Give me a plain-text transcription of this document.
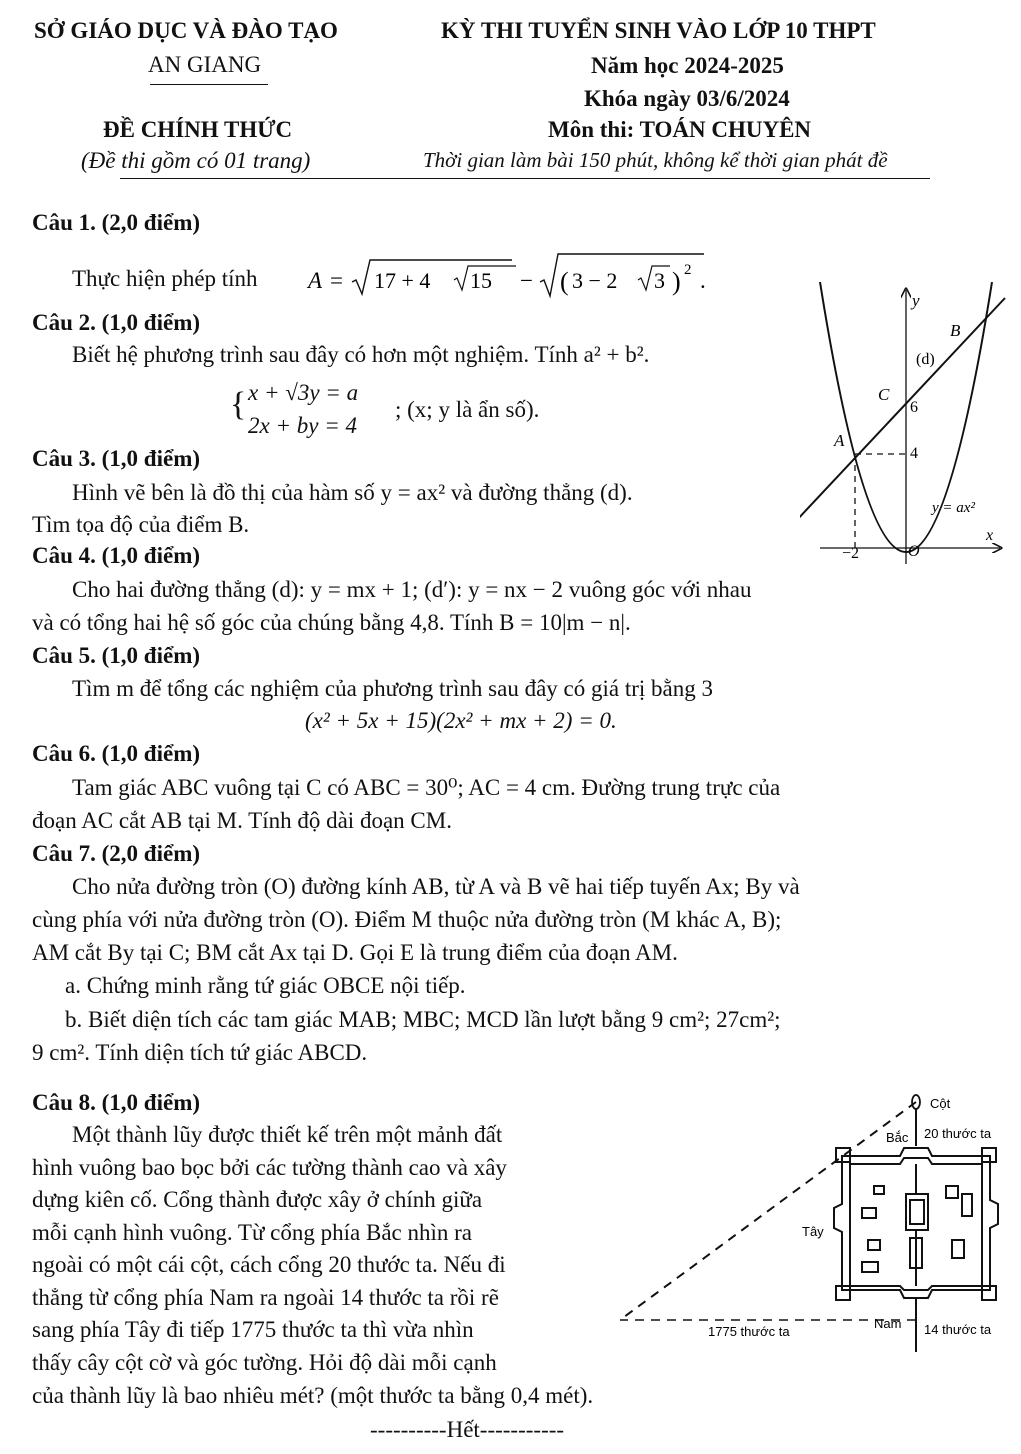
SỞ GIÁO DỤC VÀ ĐÀO TẠO
AN GIANG
ĐỀ CHÍNH THỨC
(Đề thi gồm có 01 trang)
KỲ THI TUYỂN SINH VÀO LỚP 10 THPT
Năm học 2024-2025
Khóa ngày 03/6/2024
Môn thi: TOÁN CHUYÊN
Thời gian làm bài 150 phút, không kể thời gian phát đề
Câu 1. (2,0 điểm)
Thực hiện phép tính A = 17 + 4 15 − ( 3 − 2 3 ) 2 .
Câu 2. (1,0 điểm)
Biết hệ phương trình sau đây có hơn một nghiệm. Tính a² + b².
{ x + √3y = a
2x + by = 4
; (x; y là ẩn số).
Câu 3. (1,0 điểm)
Hình vẽ bên là đồ thị của hàm số y = ax² và đường thẳng (d).
Tìm tọa độ của điểm B.
y
x
B
(d)
C
6
A
4
−2	O
y = ax²
Câu 4. (1,0 điểm)
Cho hai đường thẳng (d): y = mx + 1; (d′): y = nx − 2 vuông góc với nhau
và có tổng hai hệ số góc của chúng bằng 4,8. Tính B = 10|m − n|.
Câu 5. (1,0 điểm)
Tìm m để tổng các nghiệm của phương trình sau đây có giá trị bằng 3
(x² + 5x + 15)(2x² + mx + 2) = 0.
Câu 6. (1,0 điểm)
Tam giác ABC vuông tại C có ABC = 30⁰; AC = 4 cm. Đường trung trực của
đoạn AC cắt AB tại M. Tính độ dài đoạn CM.
Câu 7. (2,0 điểm)
Cho nửa đường tròn (O) đường kính AB, từ A và B vẽ hai tiếp tuyến Ax; By và
cùng phía với nửa đường tròn (O). Điểm M thuộc nửa đường tròn (M khác A, B);
AM cắt By tại C; BM cắt Ax tại D. Gọi E là trung điểm của đoạn AM.
a. Chứng minh rằng tứ giác OBCE nội tiếp.
b. Biết diện tích các tam giác MAB; MBC; MCD lần lượt bằng 9 cm²; 27cm²;
9 cm². Tính diện tích tứ giác ABCD.
Câu 8. (1,0 điểm)
Một thành lũy được thiết kế trên một mảnh đất
hình vuông bao bọc bởi các tường thành cao và xây
dựng kiên cố. Cổng thành được xây ở chính giữa
mỗi cạnh hình vuông. Từ cổng phía Bắc nhìn ra
ngoài có một cái cột, cách cổng 20 thước ta. Nếu đi
thẳng từ cổng phía Nam ra ngoài 14 thước ta rồi rẽ
sang phía Tây đi tiếp 1775 thước ta thì vừa nhìn
thấy cây cột cờ và góc tường. Hỏi độ dài mỗi cạnh
của thành lũy là bao nhiêu mét? (một thước ta bằng 0,4 mét).
Cột
Bắc 20 thước ta
Tây
Nam
1775 thước ta	14 thước ta
----------Hết-----------
